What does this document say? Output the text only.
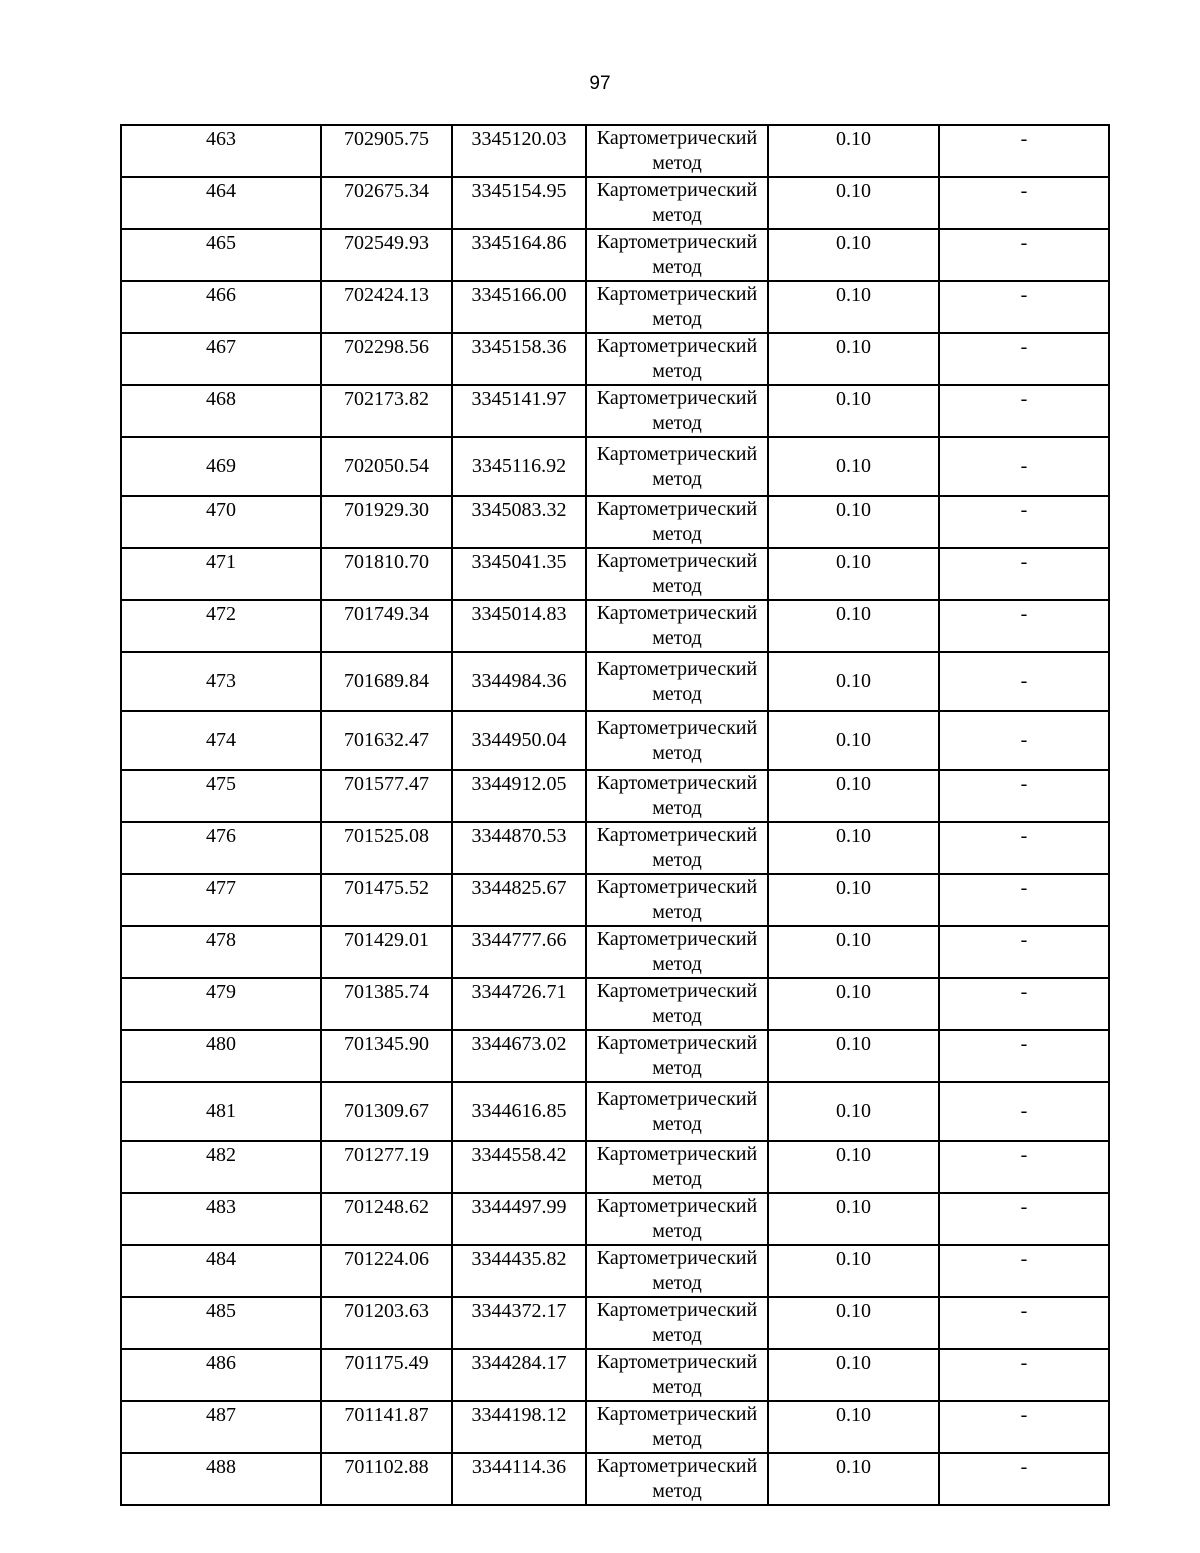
97
463	702905.75	3345120.03	Картометрический метод	0.10	-
464	702675.34	3345154.95	Картометрический метод	0.10	-
465	702549.93	3345164.86	Картометрический метод	0.10	-
466	702424.13	3345166.00	Картометрический метод	0.10	-
467	702298.56	3345158.36	Картометрический метод	0.10	-
468	702173.82	3345141.97	Картометрический метод	0.10	-
469	702050.54	3345116.92	Картометрический метод	0.10	-
470	701929.30	3345083.32	Картометрический метод	0.10	-
471	701810.70	3345041.35	Картометрический метод	0.10	-
472	701749.34	3345014.83	Картометрический метод	0.10	-
473	701689.84	3344984.36	Картометрический метод	0.10	-
474	701632.47	3344950.04	Картометрический метод	0.10	-
475	701577.47	3344912.05	Картометрический метод	0.10	-
476	701525.08	3344870.53	Картометрический метод	0.10	-
477	701475.52	3344825.67	Картометрический метод	0.10	-
478	701429.01	3344777.66	Картометрический метод	0.10	-
479	701385.74	3344726.71	Картометрический метод	0.10	-
480	701345.90	3344673.02	Картометрический метод	0.10	-
481	701309.67	3344616.85	Картометрический метод	0.10	-
482	701277.19	3344558.42	Картометрический метод	0.10	-
483	701248.62	3344497.99	Картометрический метод	0.10	-
484	701224.06	3344435.82	Картометрический метод	0.10	-
485	701203.63	3344372.17	Картометрический метод	0.10	-
486	701175.49	3344284.17	Картометрический метод	0.10	-
487	701141.87	3344198.12	Картометрический метод	0.10	-
488	701102.88	3344114.36	Картометрический метод	0.10	-
